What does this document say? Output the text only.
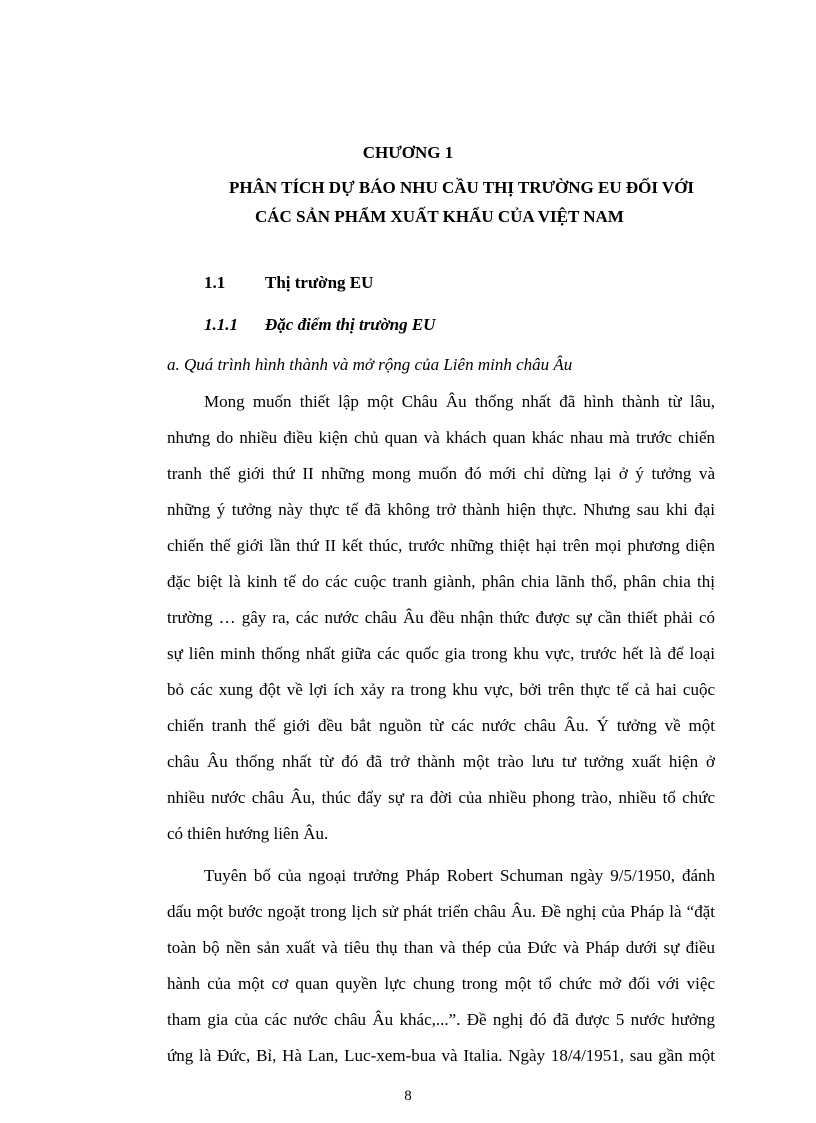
CHƯƠNG 1
PHÂN TÍCH DỰ BÁO NHU CẦU THỊ TRƯỜNG EU ĐỐI VỚI
CÁC SẢN PHẨM XUẤT KHẨU CỦA VIỆT NAM
1.1 Thị trường EU
1.1.1 Đặc điểm thị trường EU
a. Quá trình hình thành và mở rộng của Liên minh châu Âu
Mong muốn thiết lập một Châu Âu thống nhất đã hình thành từ lâu,
nhưng do nhiều điều kiện chủ quan và khách quan khác nhau mà trước chiến
tranh thế giới thứ II những mong muốn đó mới chỉ dừng lại ở ý tưởng và
những ý tưởng này thực tế đã không trở thành hiện thực. Nhưng sau khi đại
chiến thế giới lần thứ II kết thúc, trước những thiệt hại trên mọi phương diện
đặc biệt là kinh tế do các cuộc tranh giành, phân chia lãnh thổ, phân chia thị
trường … gây ra, các nước châu Âu đều nhận thức được sự cần thiết phải có
sự liên minh thống nhất giữa các quốc gia trong khu vực, trước hết là để loại
bỏ các xung đột về lợi ích xảy ra trong khu vực, bởi trên thực tế cả hai cuộc
chiến tranh thế giới đều bắt nguồn từ các nước châu Âu. Ý tưởng về một
châu Âu thống nhất từ đó đã trở thành một trào lưu tư tưởng xuất hiện ở
nhiều nước châu Âu, thúc đẩy sự ra đời của nhiều phong trào, nhiều tổ chức
có thiên hướng liên Âu.
Tuyên bố của ngoại trưởng Pháp Robert Schuman ngày 9/5/1950, đánh
dấu một bước ngoặt trong lịch sử phát triển châu Âu. Đề nghị của Pháp là “đặt
toàn bộ nền sản xuất và tiêu thụ than và thép của Đức và Pháp dưới sự điều
hành của một cơ quan quyền lực chung trong một tổ chức mở đối với việc
tham gia của các nước châu Âu khác,...”. Đề nghị đó đã được 5 nước hưởng
ứng là Đức, Bỉ, Hà Lan, Luc-xem-bua và Italia. Ngày 18/4/1951, sau gần một
8
